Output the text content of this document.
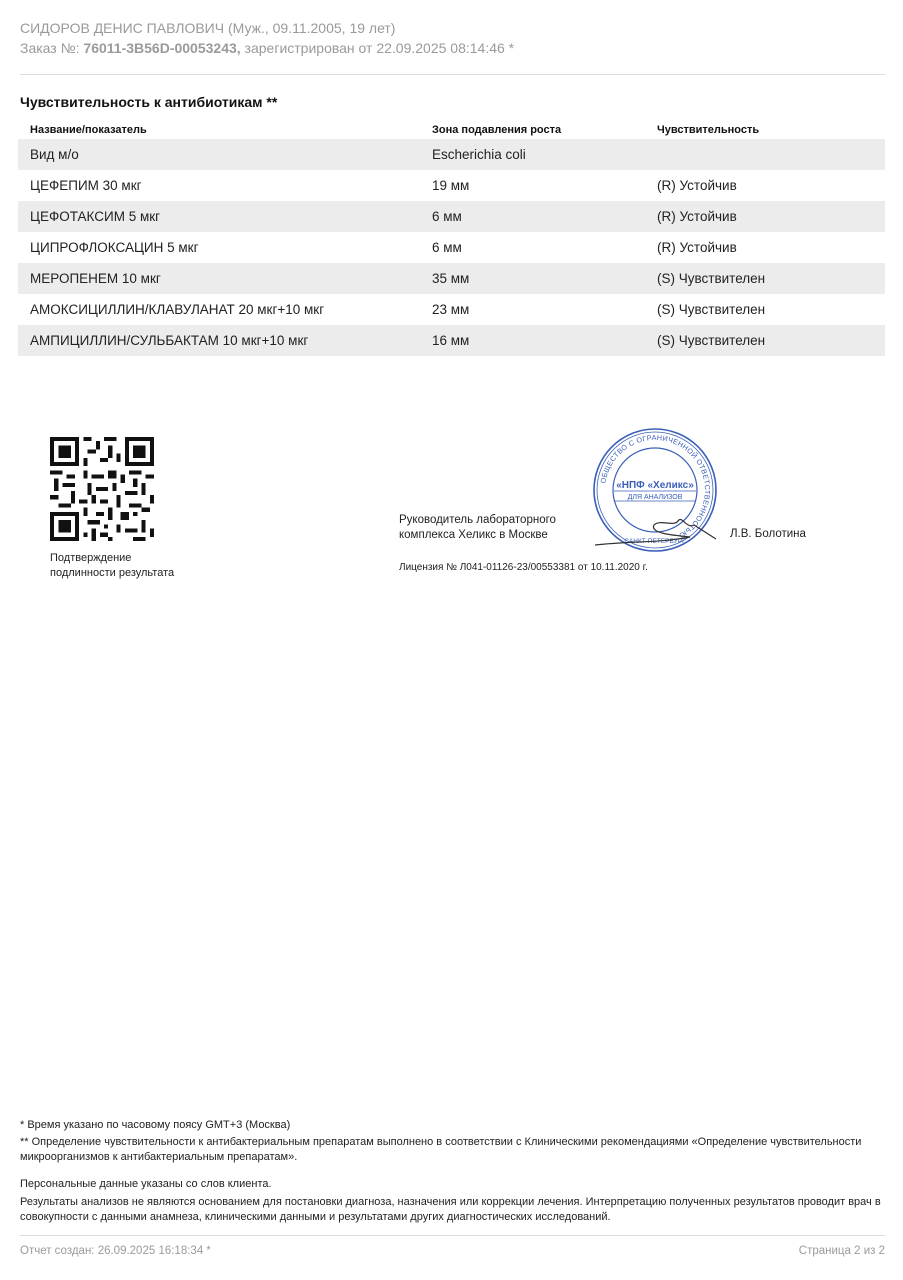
СИДОРОВ ДЕНИС ПАВЛОВИЧ (Муж., 09.11.2005, 19 лет)
Заказ №: 76011-3B56D-00053243, зарегистрирован от 22.09.2025 08:14:46 *
Чувствительность к антибиотикам **
Название/показатель	Зона подавления роста	Чувствительность
Вид м/о	Escherichia coli	
ЦЕФЕПИМ 30 мкг	19 мм	(R) Устойчив
ЦЕФОТАКСИМ 5 мкг	6 мм	(R) Устойчив
ЦИПРОФЛОКСАЦИН 5 мкг	6 мм	(R) Устойчив
МЕРОПЕНЕМ 10 мкг	35 мм	(S) Чувствителен
АМОКСИЦИЛЛИН/КЛАВУЛАНАТ 20 мкг+10 мкг	23 мм	(S) Чувствителен
АМПИЦИЛЛИН/СУЛЬБАКТАМ 10 мкг+10 мкг	16 мм	(S) Чувствителен
Подтверждение
подлинности результата
Руководитель лабораторного
комплекса Хеликс в Москве
ОБЩЕСТВО С ОГРАНИЧЕННОЙ ОТВЕТСТВЕННОСТЬЮ
«НПФ «Хеликс»
ДЛЯ АНАЛИЗОВ
САНКТ-ПЕТЕРБУРГ
Л.В. Болотина
Лицензия № Л041-01126-23/00553381 от 10.11.2020 г.

* Время указано по часовому поясу GMT+3 (Москва)

** Определение чувствительности к антибактериальным препаратам выполнено в соответствии с Клиническими рекомендациями «Определение чувствительности микроорганизмов к антибактериальным препаратам».

Персональные данные указаны со слов клиента.

Результаты анализов не являются основанием для постановки диагноза, назначения или коррекции лечения. Интерпретацию полученных результатов проводит врач в совокупности с данными анамнеза, клиническими данными и результатами других диагностических исследований.

Отчет создан: 26.09.2025 16:18:34 *	Страница 2 из 2
